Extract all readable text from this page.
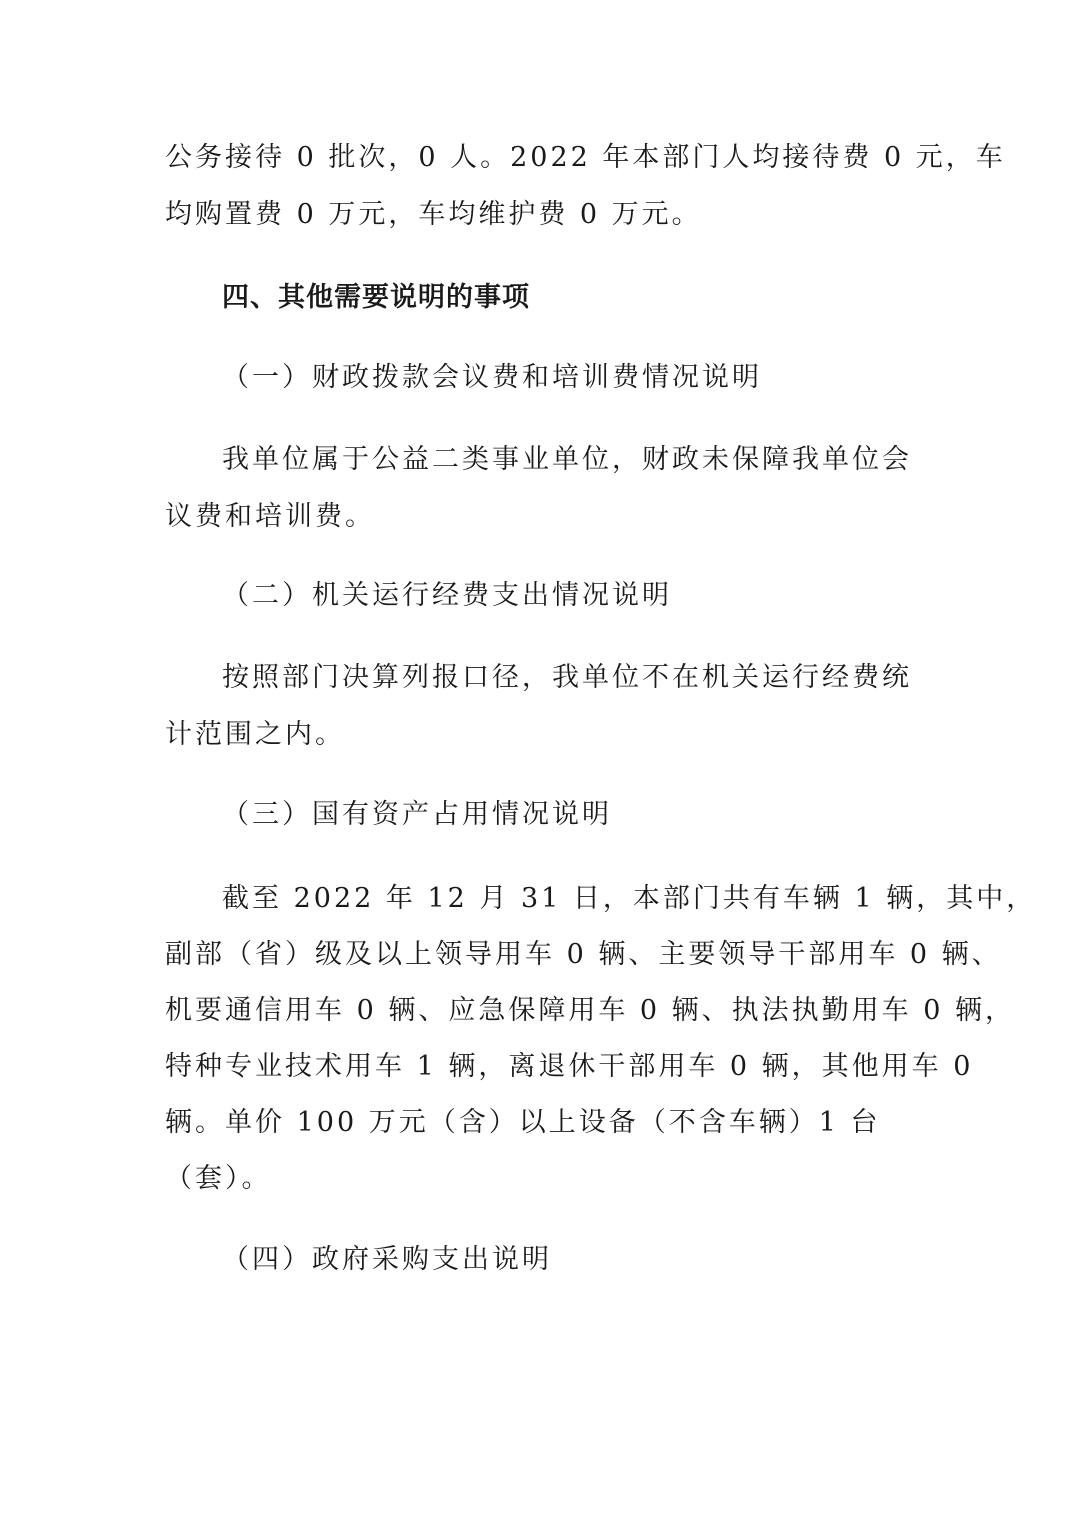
公务接待 0 批次，0 人。2022 年本部门人均接待费 0 元，车
均购置费 0 万元，车均维护费 0 万元。
四、其他需要说明的事项
（一）财政拨款会议费和培训费情况说明
我单位属于公益二类事业单位，财政未保障我单位会
议费和培训费。
（二）机关运行经费支出情况说明
按照部门决算列报口径，我单位不在机关运行经费统
计范围之内。
（三）国有资产占用情况说明
截至 2022 年 12 月 31 日，本部门共有车辆 1 辆，其中，
副部（省）级及以上领导用车 0 辆、主要领导干部用车 0 辆、
机要通信用车 0 辆、应急保障用车 0 辆、执法执勤用车 0 辆，
特种专业技术用车 1 辆，离退休干部用车 0 辆，其他用车 0
辆。单价 100 万元（含）以上设备（不含车辆）1 台
（套）。
（四）政府采购支出说明
